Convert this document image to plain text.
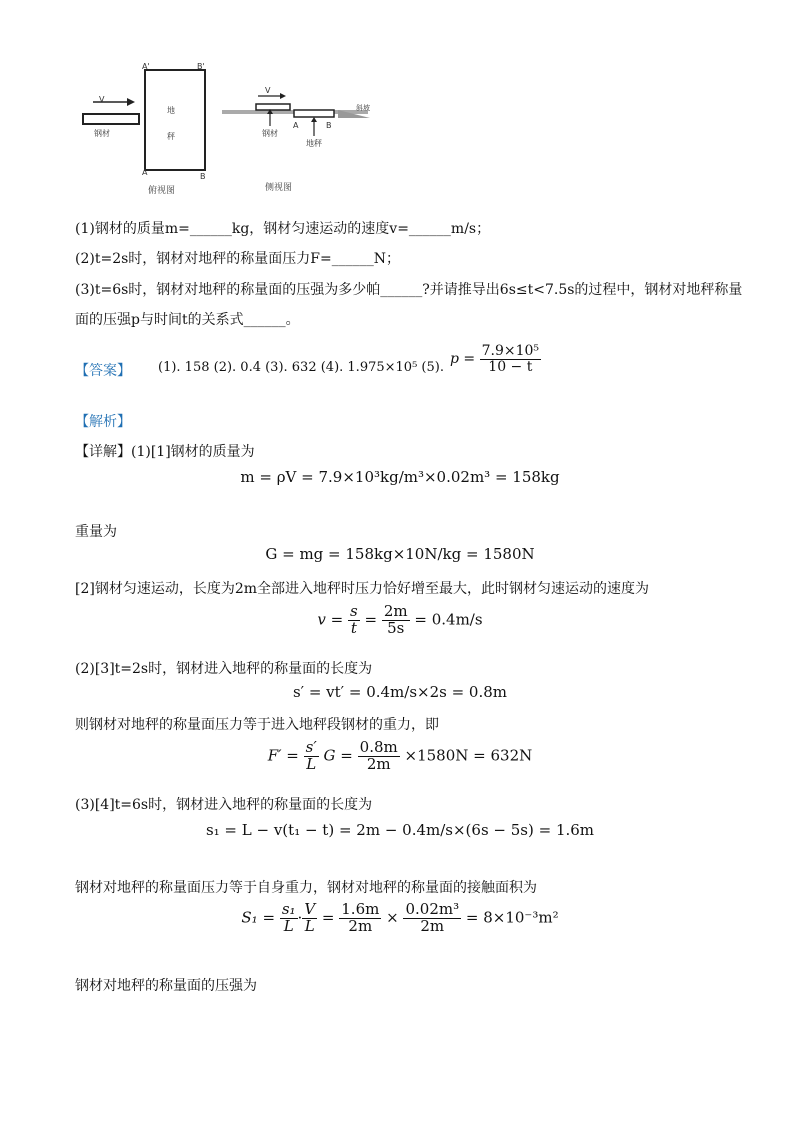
V
钢材
地秤
A'	B'
A	B
俯视图
V
钢材
地秤
A	B
斜坡
侧视图
(1)钢材的质量m=______kg，钢材匀速运动的速度v=______m/s；
(2)t=2s时，钢材对地秤的称量面压力F=______N；
(3)t=6s时，钢材对地秤的称量面的压强为多少帕______?并请推导出6s≤t<7.5s的过程中，钢材对地秤称量
面的压强p与时间t的关系式______。
【答案】 (1). 158 (2). 0.4 (3). 632 (4). 1.975×10⁵ (5).
$p = \frac{\text{7.9×10⁵}}{10 - t}$
【解析】
【详解】(1)[1]钢材的质量为
m = ρV = 7.9×10³kg/m³×0.02m³ = 158kg
重量为
G = mg = 158kg×10N/kg = 1580N
[2]钢材匀速运动，长度为2m全部进入地秤时压力恰好增至最大，此时钢材匀速运动的速度为
$v = \frac{s}{t} = \frac{2m}{5s} = 0.4m/s$
(2)[3]t=2s时，钢材进入地秤的称量面的长度为
s′ = vt′ = 0.4m/s×2s = 0.8m
则钢材对地秤的称量面压力等于进入地秤段钢材的重力，即
$F' = \frac{s'}{L}$ $G = \frac{0.8m}{2m} \times 1580N = 632N$
(3)[4]t=6s时，钢材进入地秤的称量面的长度为
s₁ = L − v(t₁ − t) = 2m − 0.4m/s×(6s − 5s) = 1.6m
钢材对地秤的称量面压力等于自身重力，钢材对地秤的称量面的接触面积为
$S_1 = \frac{\text{s₁}}{L} \cdot \frac{V}{L} = \frac{1.6m}{2m} \times \frac{\text{0.02m³}}{2m} = 8\times 10^{-3}m^2$
钢材对地秤的称量面的压强为
